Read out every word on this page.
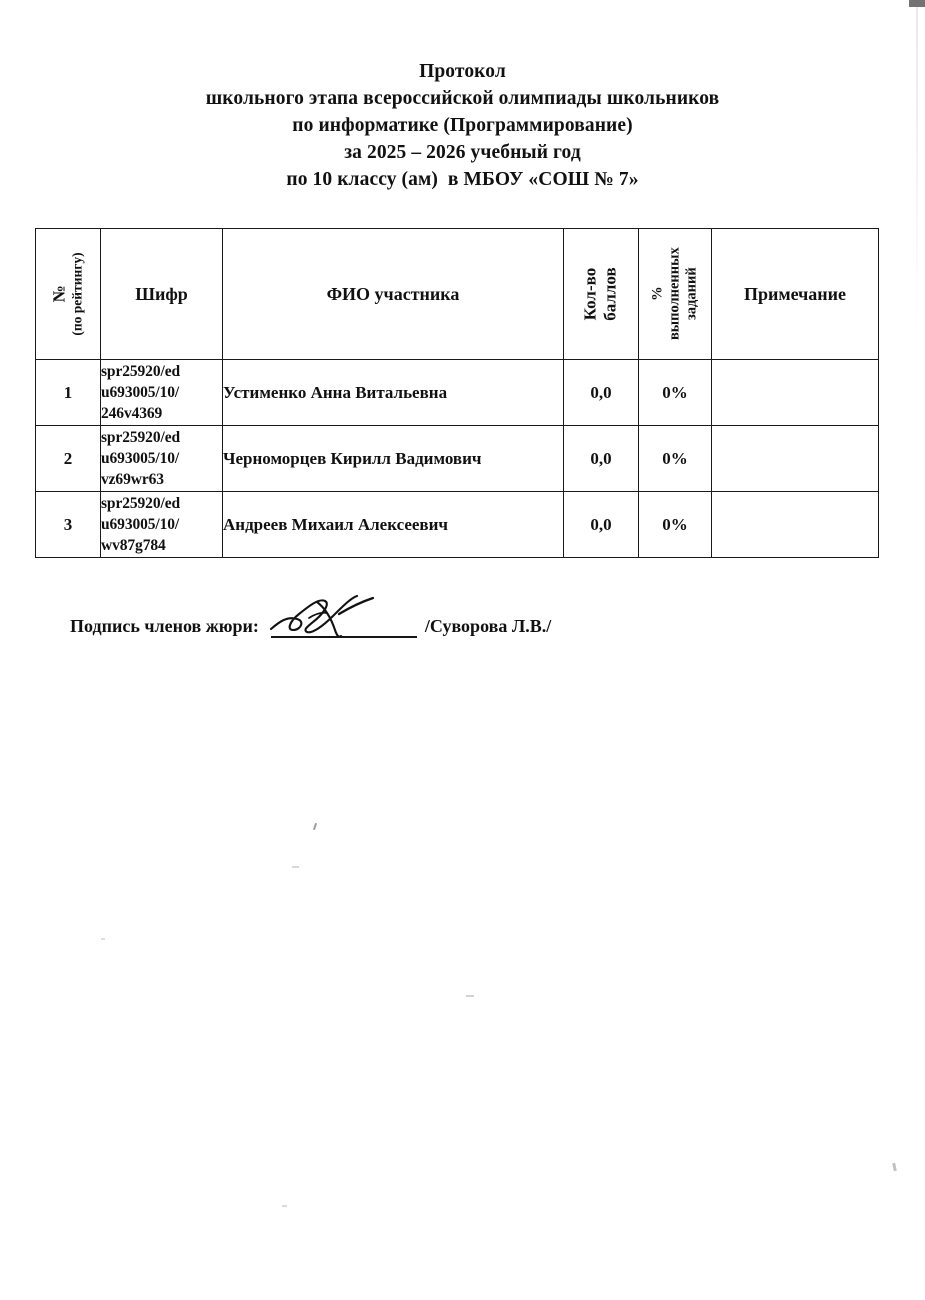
Протокол
школьного этапа всероссийской олимпиады школьников
по информатике (Программирование)
за 2025 – 2026 учебный год
по 10 классу (ам)  в МБОУ «СОШ № 7»
№ (по рейтингу)	Шифр	ФИО участника	Кол-во баллов	% выполненных заданий	Примечание
1	spr25920/ed
u693005/10/
246v4369	Устименко Анна Витальевна	0,0	0%	
2	spr25920/ed
u693005/10/
vz69wr63	Черноморцев Кирилл Вадимович	0,0	0%	
3	spr25920/ed
u693005/10/
wv87g784	Андреев Михаил Алексеевич	0,0	0%	
Подпись членов жюри:	/Суворова Л.В./
